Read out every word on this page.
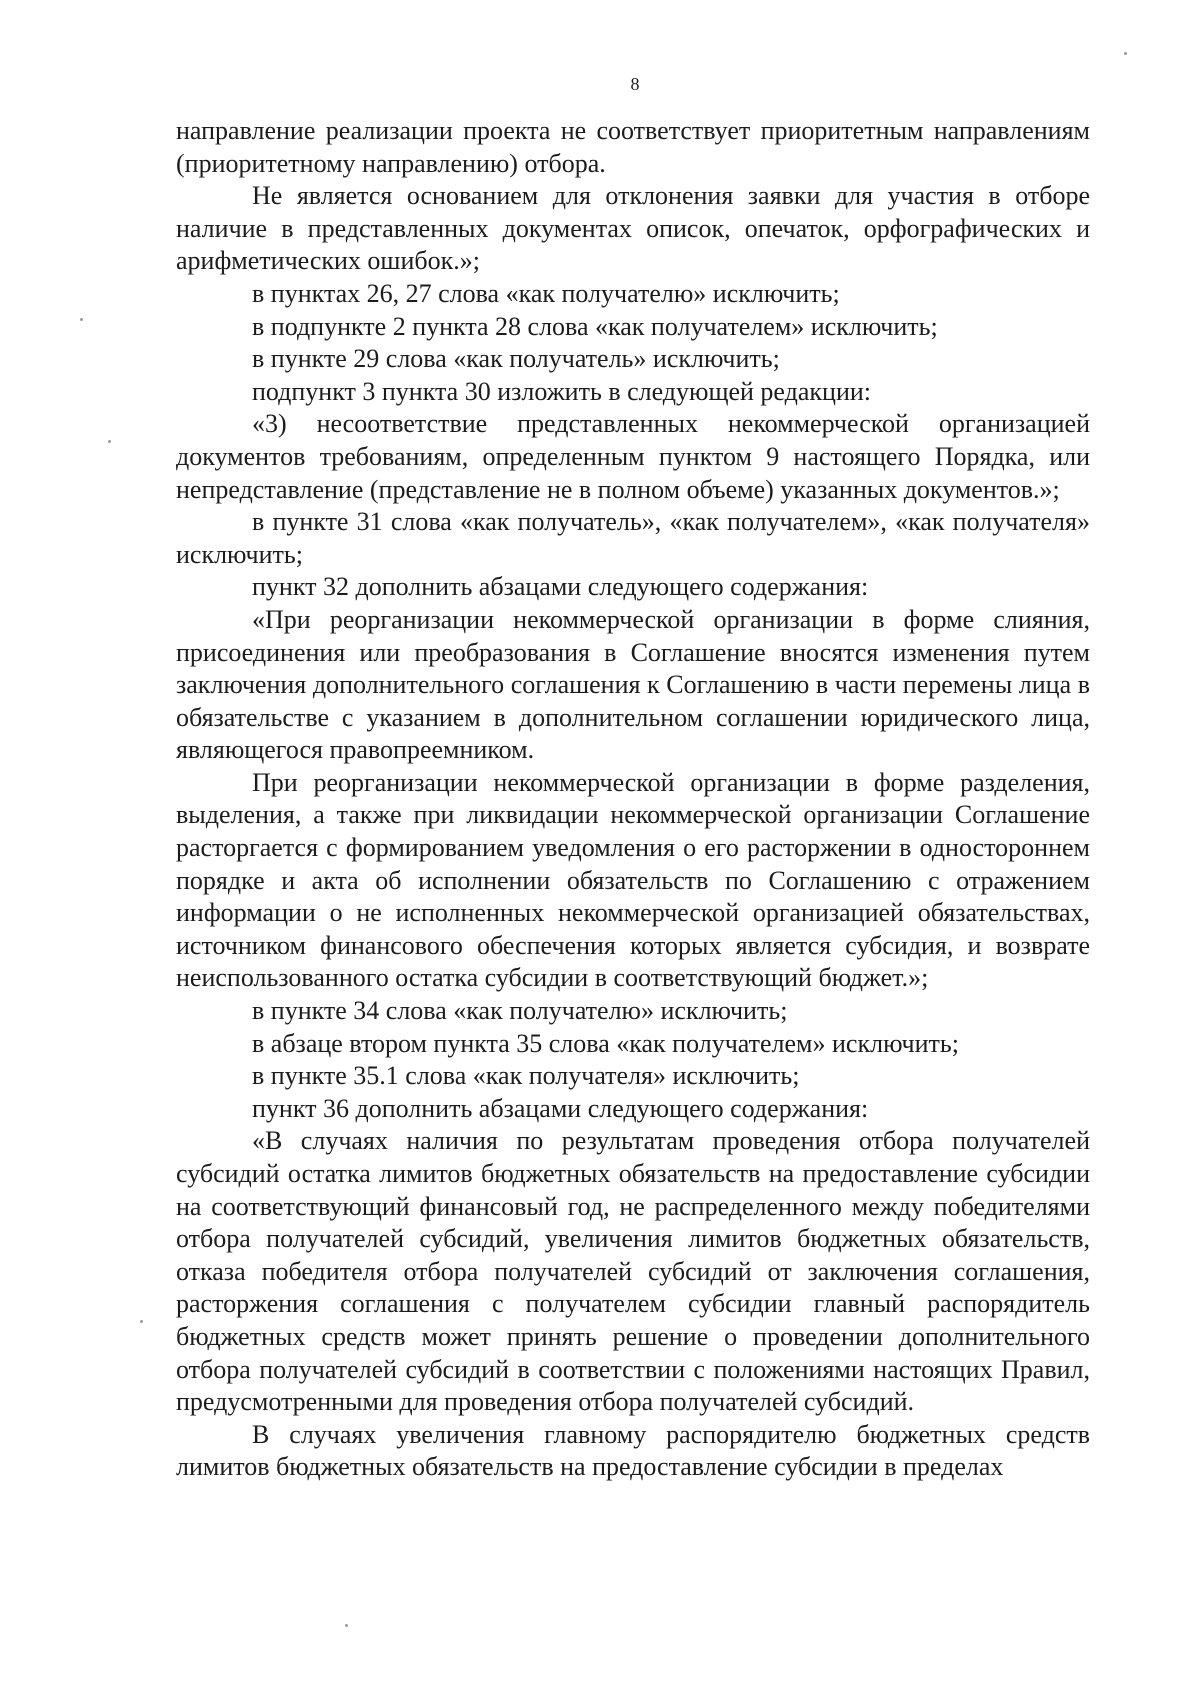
8

направление реализации проекта не соответствует приоритетным направлениям (приоритетному направлению) отбора.

Не является основанием для отклонения заявки для участия в отборе наличие в представленных документах описок, опечаток, орфографических и арифметических ошибок.»;

в пунктах 26, 27 слова «как получателю» исключить;

в подпункте 2 пункта 28 слова «как получателем» исключить;

в пункте 29 слова «как получатель» исключить;

подпункт 3 пункта 30 изложить в следующей редакции:

«3) несоответствие представленных некоммерческой организацией документов требованиям, определенным пунктом 9 настоящего Порядка, или непредставление (представление не в полном объеме) указанных документов.»;

в пункте 31 слова «как получатель», «как получателем», «как получателя» исключить;

пункт 32 дополнить абзацами следующего содержания:

«При реорганизации некоммерческой организации в форме слияния, присоединения или преобразования в Соглашение вносятся изменения путем заключения дополнительного соглашения к Соглашению в части перемены лица в обязательстве с указанием в дополнительном соглашении юридического лица, являющегося правопреемником.

При реорганизации некоммерческой организации в форме разделения, выделения, а также при ликвидации некоммерческой организации Соглашение расторгается с формированием уведомления о его расторжении в одностороннем порядке и акта об исполнении обязательств по Соглашению с отражением информации о не исполненных некоммерческой организацией обязательствах, источником финансового обеспечения которых является субсидия, и возврате неиспользованного остатка субсидии в соответствующий бюджет.»;

в пункте 34 слова «как получателю» исключить;

в абзаце втором пункта 35 слова «как получателем» исключить;

в пункте 35.1 слова «как получателя» исключить;

пункт 36 дополнить абзацами следующего содержания:

«В случаях наличия по результатам проведения отбора получателей субсидий остатка лимитов бюджетных обязательств на предоставление субсидии на соответствующий финансовый год, не распределенного между победителями отбора получателей субсидий, увеличения лимитов бюджетных обязательств, отказа победителя отбора получателей субсидий от заключения соглашения, расторжения соглашения с получателем субсидии главный распорядитель бюджетных средств может принять решение о проведении дополнительного отбора получателей субсидий в соответствии с положениями настоящих Правил, предусмотренными для проведения отбора получателей субсидий.

В случаях увеличения главному распорядителю бюджетных средств лимитов бюджетных обязательств на предоставление субсидии в пределах
